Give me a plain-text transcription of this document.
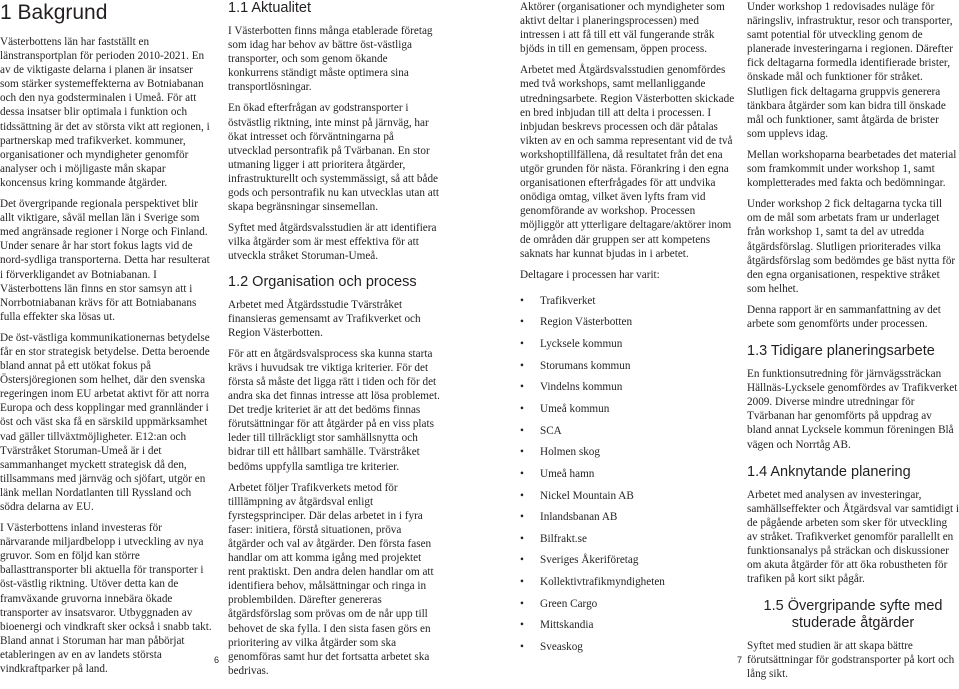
1 Bakgrund

Västerbottens län har fastställt en länstransportplan för perioden 2010-2021. En av de viktigaste delarna i planen är insatser som stärker systemeffekterna av Botniabanan och den nya godsterminalen i Umeå. För att dessa insatser blir optimala i funktion och tidssättning är det av största vikt att regionen, i partnerskap med trafikverket. kommuner, organisationer och myndigheter genomför analyser och i möjligaste mån skapar koncensus kring kommande åtgärder.

Det övergripande regionala perspektivet blir allt viktigare, såväl mellan län i Sverige som med angränsade regioner i Norge och Finland. Under senare år har stort fokus lagts vid de nord-sydliga transporterna. Detta har resulterat i förverkligandet av Botniabanan. I Västerbottens län finns en stor samsyn att i Norrbotniabanan krävs för att Botniabanans fulla effekter ska lösas ut.

De öst-västliga kommunikationernas betydelse får en stor strategisk betydelse. Detta beroende bland annat på ett utökat fokus på Östersjöregionen som helhet, där den svenska regeringen inom EU arbetat aktivt för att norra Europa och dess kopplingar med grannländer i öst och väst ska få en särskild uppmärksamhet vad gäller tillväxtmöjligheter. E12:an och Tvärstråket Storuman-Umeå är i det sammanhanget myckett strategisk då den, tillsammans med järnväg och sjöfart, utgör en länk mellan Nordatlanten till Ryssland och södra delarna av EU.

I Västerbottens inland investeras för närvarande miljardbelopp i utveckling av nya gruvor. Som en följd kan större ballasttransporter bli aktuella för transporter i öst-västlig riktning. Utöver detta kan de framväxande gruvorna innebära ökade transporter av insatsvaror. Utbyggnaden av bioenergi och vindkraft sker också i snabb takt. Bland annat i Storuman har man påbörjat etableringen av en av landets största vindkraftparker på land.

1.1 Aktualitet

I Västerbotten finns många etablerade företag som idag har behov av bättre öst-västliga transporter, och som genom ökande konkurrens ständigt måste optimera sina transportlösningar.

En ökad efterfrågan av godstransporter i östvästlig riktning, inte minst på järnväg, har ökat intresset och förväntningarna på utvecklad persontrafik på Tvärbanan. En stor utmaning ligger i att prioritera åtgärder, infrastrukturellt och systemmässigt, så att både gods och persontrafik nu kan utvecklas utan att skapa begränsningar sinsemellan.

Syftet med åtgärdsvalsstudien är att identifiera vilka åtgärder som är mest effektiva för att utveckla stråket Storuman-Umeå.

1.2 Organisation och process

Arbetet med Åtgärdsstudie Tvärstråket finansieras gemensamt av Trafikverket och Region Västerbotten.

För att en åtgärdsvalsprocess ska kunna starta krävs i huvudsak tre viktiga kriterier. För det första så måste det ligga rätt i tiden och för det andra ska det finnas intresse att lösa problemet. Det tredje kriteriet är att det bedöms finnas förutsättningar för att åtgärder på en viss plats leder till tillräckligt stor samhällsnytta och bidrar till ett hållbart samhälle. Tvärstråket bedöms uppfylla samtliga tre kriterier.

Arbetet följer Trafikverkets metod för tilllämpning av åtgärdsval enligt fyrstegsprinciper. Där delas arbetet in i fyra faser: initiera, förstå situationen, pröva åtgärder och val av åtgärder. Den första fasen handlar om att komma igång med projektet rent praktiskt. Den andra delen handlar om att identifiera behov, målsättningar och ringa in problembilden. Därefter genereras åtgärdsförslag som prövas om de når upp till behovet de ska fylla. I den sista fasen görs en prioritering av vilka åtgärder som ska genomföras samt hur det fortsatta arbetet ska bedrivas.

Aktörer (organisationer och myndigheter som aktivt deltar i planeringsprocessen) med intressen i att få till ett väl fungerande stråk bjöds in till en gemensam, öppen process.

Arbetet med Åtgärdsvalsstudien genomfördes med två workshops, samt mellanliggande utredningsarbete. Region Västerbotten skickade en bred inbjudan till att delta i processen. I inbjudan beskrevs processen och där påtalas vikten av en och samma representant vid de två workshoptillfällena, då resultatet från det ena utgör grunden för nästa. Förankring i den egna organisationen efterfrågades för att undvika onödiga omtag, vilket även lyfts fram vid genomförande av workshop. Processen möjliggör att ytterligare deltagare/aktörer inom de områden där gruppen ser att kompetens saknats har kunnat bjudas in i arbetet.

Deltagare i processen har varit:

• Trafikverket
• Region Västerbotten
• Lycksele kommun
• Storumans kommun
• Vindelns kommun
• Umeå kommun
• SCA
• Holmen skog
• Umeå hamn
• Nickel Mountain AB
• Inlandsbanan AB
• Bilfrakt.se
• Sveriges Åkeriföretag
• Kollektivtrafikmyndigheten
• Green Cargo
• Mittskandia
• Sveaskog

Under workshop 1 redovisades nuläge för näringsliv, infrastruktur, resor och transporter, samt potential för utveckling genom de planerade investeringarna i regionen. Därefter fick deltagarna formedla identifierade brister, önskade mål och funktioner för stråket. Slutligen fick deltagarna gruppvis generera tänkbara åtgärder som kan bidra till önskade mål och funktioner, samt åtgärda de brister som upplevs idag.

Mellan workshoparna bearbetades det material som framkommit under workshop 1, samt kompletterades med fakta och bedömningar.

Under workshop 2 fick deltagarna tycka till om de mål som arbetats fram ur underlaget från workshop 1, samt ta del av utredda åtgärdsförslag. Slutligen prioriterades vilka åtgärdsförslag som bedömdes ge bäst nytta för den egna organisationen, respektive stråket som helhet.

Denna rapport är en sammanfattning av det arbete som genomförts under processen.

1.3 Tidigare planeringsarbete

En funktionsutredning för järnvägssträckan Hällnäs-Lycksele genomfördes av Trafikverket 2009. Diverse mindre utredningar för Tvärbanan har genomförts på uppdrag av bland annat Lycksele kommun föreningen Blå vägen och Norrtåg AB.

1.4 Anknytande planering

Arbetet med analysen av investeringar, samhällseffekter och Åtgärdsval var samtidigt i de pågående arbeten som sker för utveckling av stråket. Trafikverket genomför parallellt en funktionsanalys på sträckan och diskussioner om akuta åtgärder för att öka robustheten för trafiken på kort sikt pågår.

1.5 Övergripande syfte med studerade åtgärder

Syftet med studien är att skapa bättre förutsättningar för godstransporter på kort och lång sikt.

6	7
